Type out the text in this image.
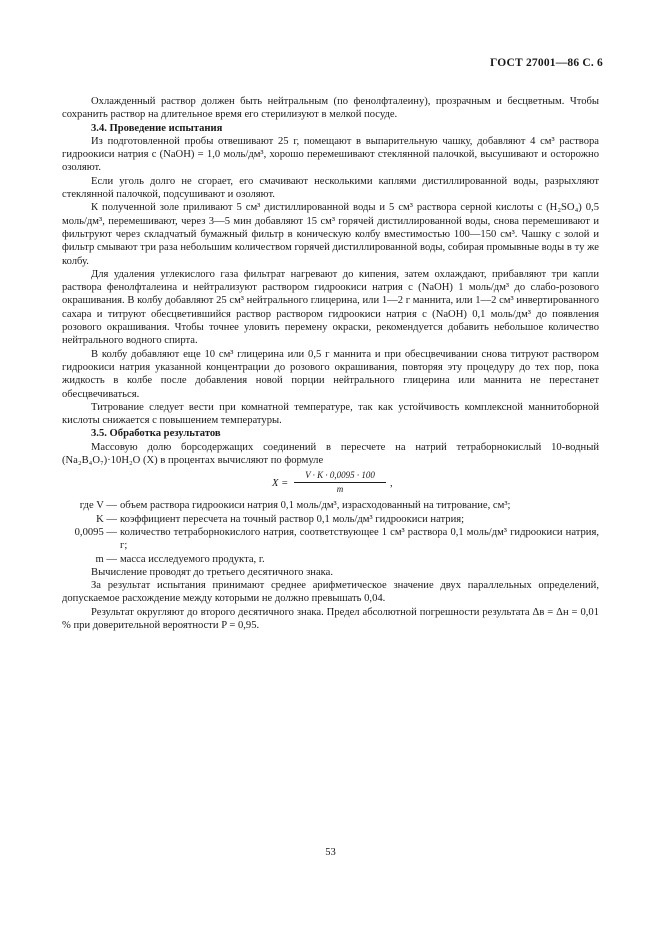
ГОСТ 27001—86 С. 6

Охлажденный раствор должен быть нейтральным (по фенолфталеину), прозрачным и бесцветным. Чтобы сохранить раствор на длительное время его стерилизуют в мелкой посуде.

3.4. Проведение испытания

Из подготовленной пробы отвешивают 25 г, помещают в выпарительную чашку, добавляют 4 см³ раствора гидроокиси натрия c (NaOH) = 1,0 моль/дм³, хорошо перемешивают стеклянной палочкой, высушивают и осторожно озоляют.

Если уголь долго не сгорает, его смачивают несколькими каплями дистиллированной воды, разрыхляют стеклянной палочкой, подсушивают и озоляют.

К полученной золе приливают 5 см³ дистиллированной воды и 5 см³ раствора серной кислоты c (H₂SO₄) 0,5 моль/дм³, перемешивают, через 3—5 мин добавляют 15 см³ горячей дистиллированной воды, снова перемешивают и фильтруют через складчатый бумажный фильтр в коническую колбу вместимостью 100—150 см³. Чашку с золой и фильтр смывают три раза небольшим количеством горячей дистиллированной воды, собирая промывные воды в ту же колбу.

Для удаления углекислого газа фильтрат нагревают до кипения, затем охлаждают, прибавляют три капли раствора фенолфталеина и нейтрализуют раствором гидроокиси натрия c (NaOH) 1 моль/дм³ до слабо-розового окрашивания. В колбу добавляют 25 см³ нейтрального глицерина, или 1—2 г маннита, или 1—2 см³ инвертированного сахара и титруют обесцветившийся раствор раствором гидроокиси натрия c (NaOH) 0,1 моль/дм³ до появления розового окрашивания. Чтобы точнее уловить перемену окраски, рекомендуется добавить небольшое количество нейтрального водного спирта.

В колбу добавляют еще 10 см³ глицерина или 0,5 г маннита и при обесцвечивании снова титруют раствором гидроокиси натрия указанной концентрации до розового окрашивания, повторяя эту процедуру до тех пор, пока жидкость в колбе после добавления новой порции нейтрального глицерина или маннита не перестанет обесцвечиваться.

Титрование следует вести при комнатной температуре, так как устойчивость комплексной маннитоборной кислоты снижается с повышением температуры.

3.5. Обработка результатов

Массовую долю борсодержащих соединений в пересчете на натрий тетраборнокислый 10-водный (Na₂B₄O₇)·10H₂O (X) в процентах вычисляют по формуле

$X = \frac{V \cdot K \cdot 0,0095 \cdot 100}{m}$ ,
где V — объем раствора гидроокиси натрия 0,1 моль/дм³, израсходованный на титрование, см³;
K — коэффициент пересчета на точный раствор 0,1 моль/дм³ гидроокиси натрия;
0,0095 — количество тетраборнокислого натрия, соответствующее 1 см³ раствора 0,1 моль/дм³ гидроокиси натрия, г;
m — масса исследуемого продукта, г.

Вычисление проводят до третьего десятичного знака.

За результат испытания принимают среднее арифметическое значение двух параллельных определений, допускаемое расхождение между которыми не должно превышать 0,04.

Результат округляют до второго десятичного знака. Предел абсолютной погрешности результата Δв = Δн = 0,01 % при доверительной вероятности P = 0,95.

53
